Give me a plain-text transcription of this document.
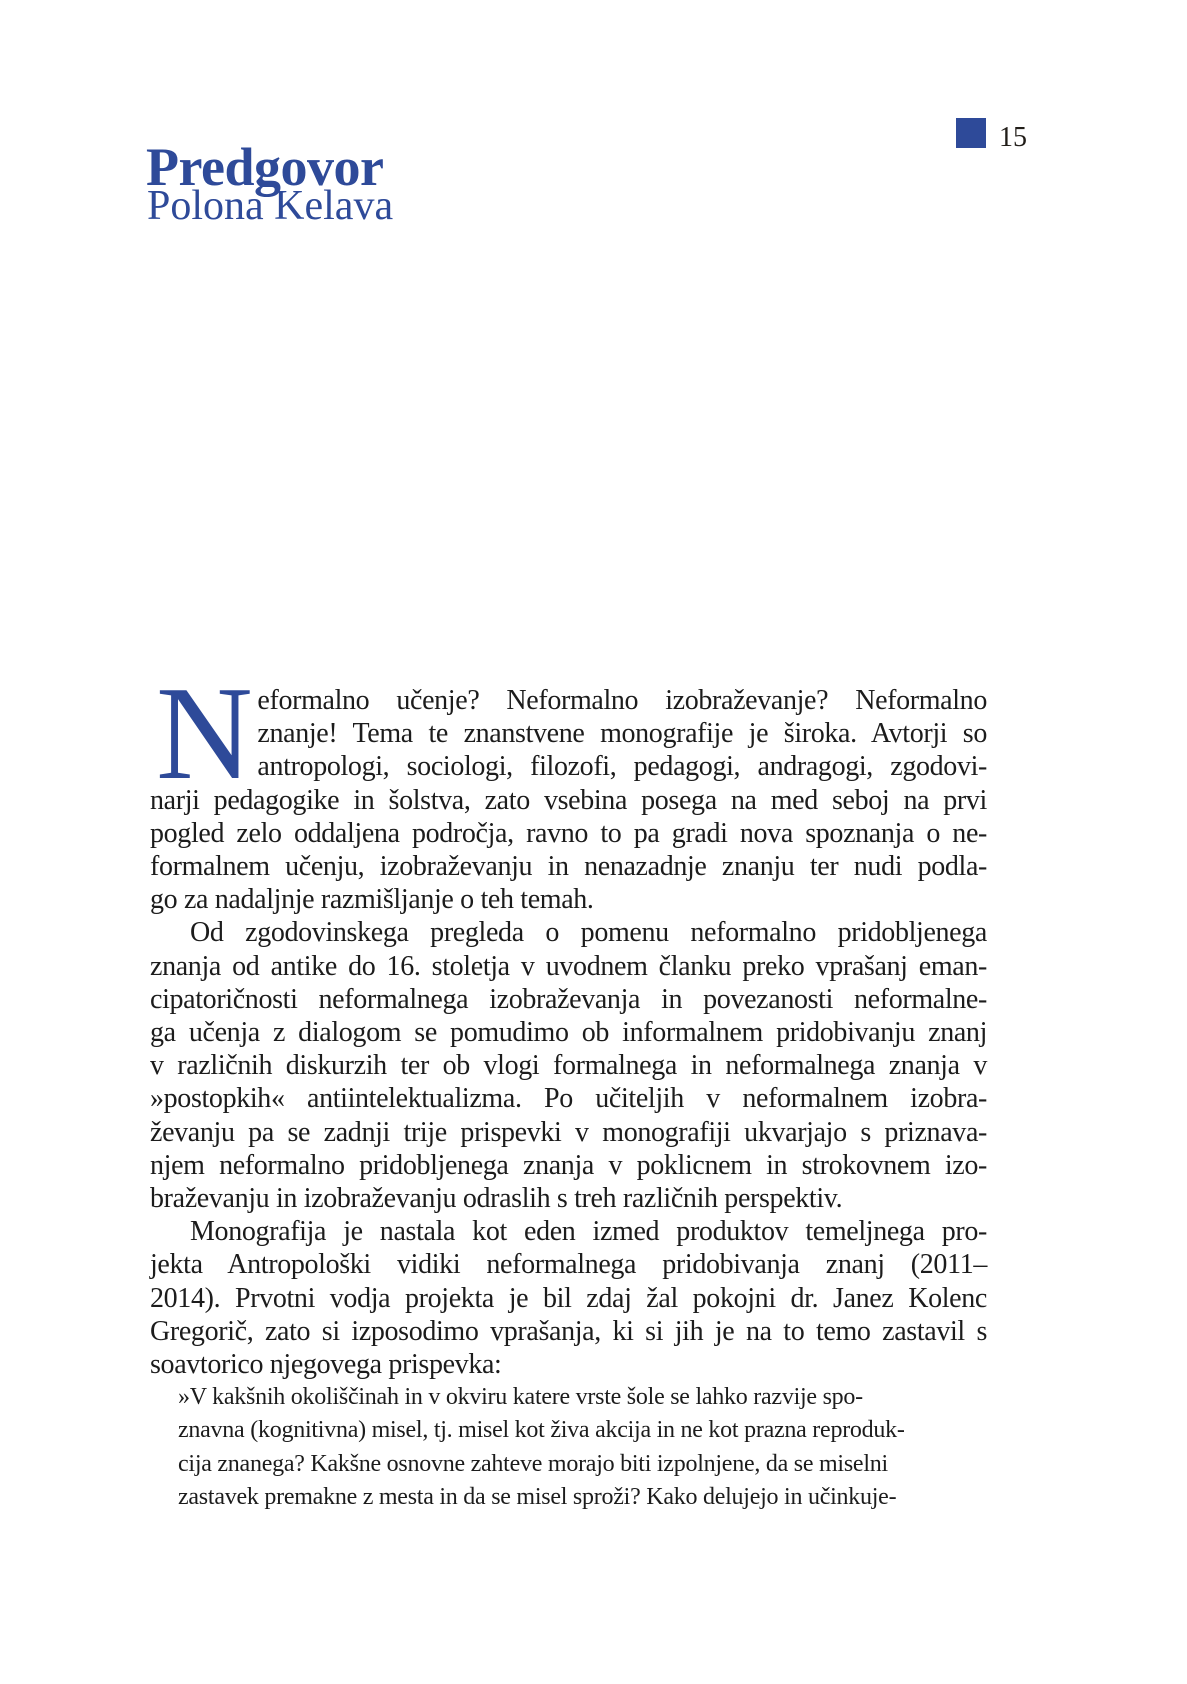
Predgovor
Polona Kelava
15
N eformalno učenje? Neformalno izobraževanje? Neformalno
znanje! Tema te znanstvene monografije je široka. Avtorji so
antropologi, sociologi, filozofi, pedagogi, andragogi, zgodovi-
narji pedagogike in šolstva, zato vsebina posega na med seboj na prvi
pogled zelo oddaljena področja, ravno to pa gradi nova spoznanja o ne-
formalnem učenju, izobraževanju in nenazadnje znanju ter nudi podla-
go za nadaljnje razmišljanje o teh temah.
Od zgodovinskega pregleda o pomenu neformalno pridobljenega
znanja od antike do 16. stoletja v uvodnem članku preko vprašanj eman-
cipatoričnosti neformalnega izobraževanja in povezanosti neformalne-
ga učenja z dialogom se pomudimo ob informalnem pridobivanju znanj
v različnih diskurzih ter ob vlogi formalnega in neformalnega znanja v
»postopkih« antiintelektualizma. Po učiteljih v neformalnem izobra-
ževanju pa se zadnji trije prispevki v monografiji ukvarjajo s priznava-
njem neformalno pridobljenega znanja v poklicnem in strokovnem izo-
braževanju in izobraževanju odraslih s treh različnih perspektiv.
Monografija je nastala kot eden izmed produktov temeljnega pro-
jekta Antropološki vidiki neformalnega pridobivanja znanj (2011–
2014). Prvotni vodja projekta je bil zdaj žal pokojni dr. Janez Kolenc
Gregorič, zato si izposodimo vprašanja, ki si jih je na to temo zastavil s
soavtorico njegovega prispevka:
»V kakšnih okoliščinah in v okviru katere vrste šole se lahko razvije spo-
znavna (kognitivna) misel, tj. misel kot živa akcija in ne kot prazna reproduk-
cija znanega? Kakšne osnovne zahteve morajo biti izpolnjene, da se miselni
zastavek premakne z mesta in da se misel sproži? Kako delujejo in učinkuje-
